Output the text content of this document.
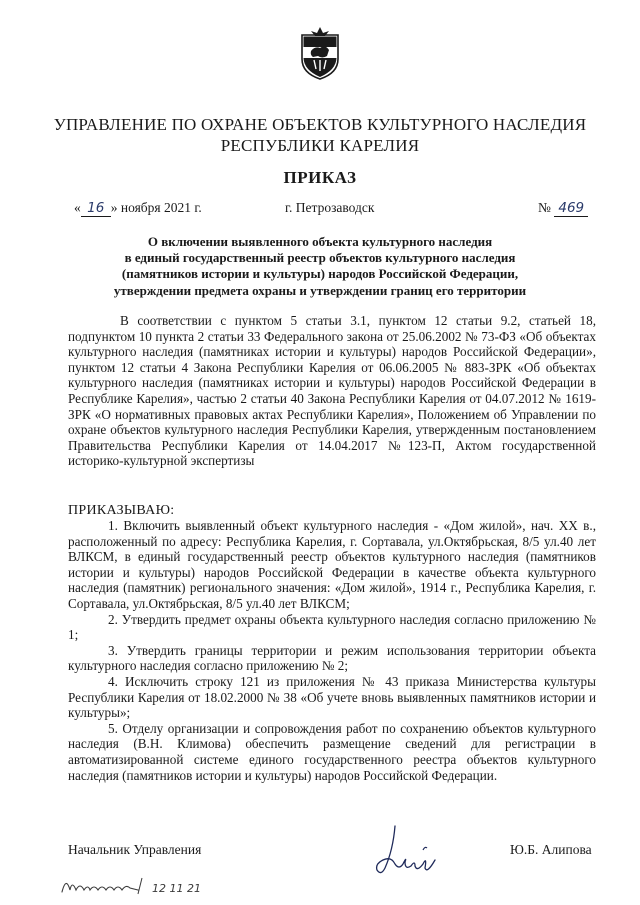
УПРАВЛЕНИЕ ПО ОХРАНЕ ОБЪЕКТОВ КУЛЬТУРНОГО НАСЛЕДИЯ
РЕСПУБЛИКИ КАРЕЛИЯ
ПРИКАЗ
« 16 » ноября 2021 г.	г. Петрозаводск	№ 469
О включении выявленного объекта культурного наследия
в единый государственный реестр объектов культурного наследия
(памятников истории и культуры) народов Российской Федерации,
утверждении предмета охраны и утверждении границ его территории
В соответствии с пунктом 5 статьи 3.1, пунктом 12 статьи 9.2, статьей 18, подпунктом 10 пункта 2 статьи 33 Федерального закона от 25.06.2002 № 73-ФЗ «Об объектах культурного наследия (памятниках истории и культуры) народов Российской Федерации», пунктом 12 статьи 4 Закона Республики Карелия от 06.06.2005 № 883-ЗРК «Об объектах культурного наследия (памятниках истории и культуры) народов Российской Федерации в Республике Карелия», частью 2 статьи 40 Закона Республики Карелия от 04.07.2012 № 1619-ЗРК «О нормативных правовых актах Республики Карелия», Положением об Управлении по охране объектов культурного наследия Республики Карелия, утвержденным постановлением Правительства Республики Карелия от 14.04.2017 №123-П, Актом государственной историко-культурной экспертизы
ПРИКАЗЫВАЮ:

1. Включить выявленный объект культурного наследия - «Дом жилой», нач. XX в., расположенный по адресу: Республика Карелия, г. Сортавала, ул.Октябрьская, 8/5 ул.40 лет ВЛКСМ, в единый государственный реестр объектов культурного наследия (памятников истории и культуры) народов Российской Федерации в качестве объекта культурного наследия (памятник) регионального значения: «Дом жилой», 1914 г., Республика Карелия, г. Сортавала, ул.Октябрьская, 8/5 ул.40 лет ВЛКСМ;

2. Утвердить предмет охраны объекта культурного наследия согласно приложению № 1;

3. Утвердить границы территории и режим использования территории объекта культурного наследия согласно приложению № 2;

4. Исключить строку 121 из приложения № 43 приказа Министерства культуры Республики Карелия от 18.02.2000 № 38 «Об учете вновь выявленных памятников истории и культуры»;

5. Отделу организации и сопровождения работ по сохранению объектов культурного наследия (В.Н. Климова) обеспечить размещение сведений для регистрации в автоматизированной системе единого государственного реестра объектов культурного наследия (памятников истории и культуры) народов Российской Федерации.

Начальник Управления	Ю.Б. Алипова
12 11 21
